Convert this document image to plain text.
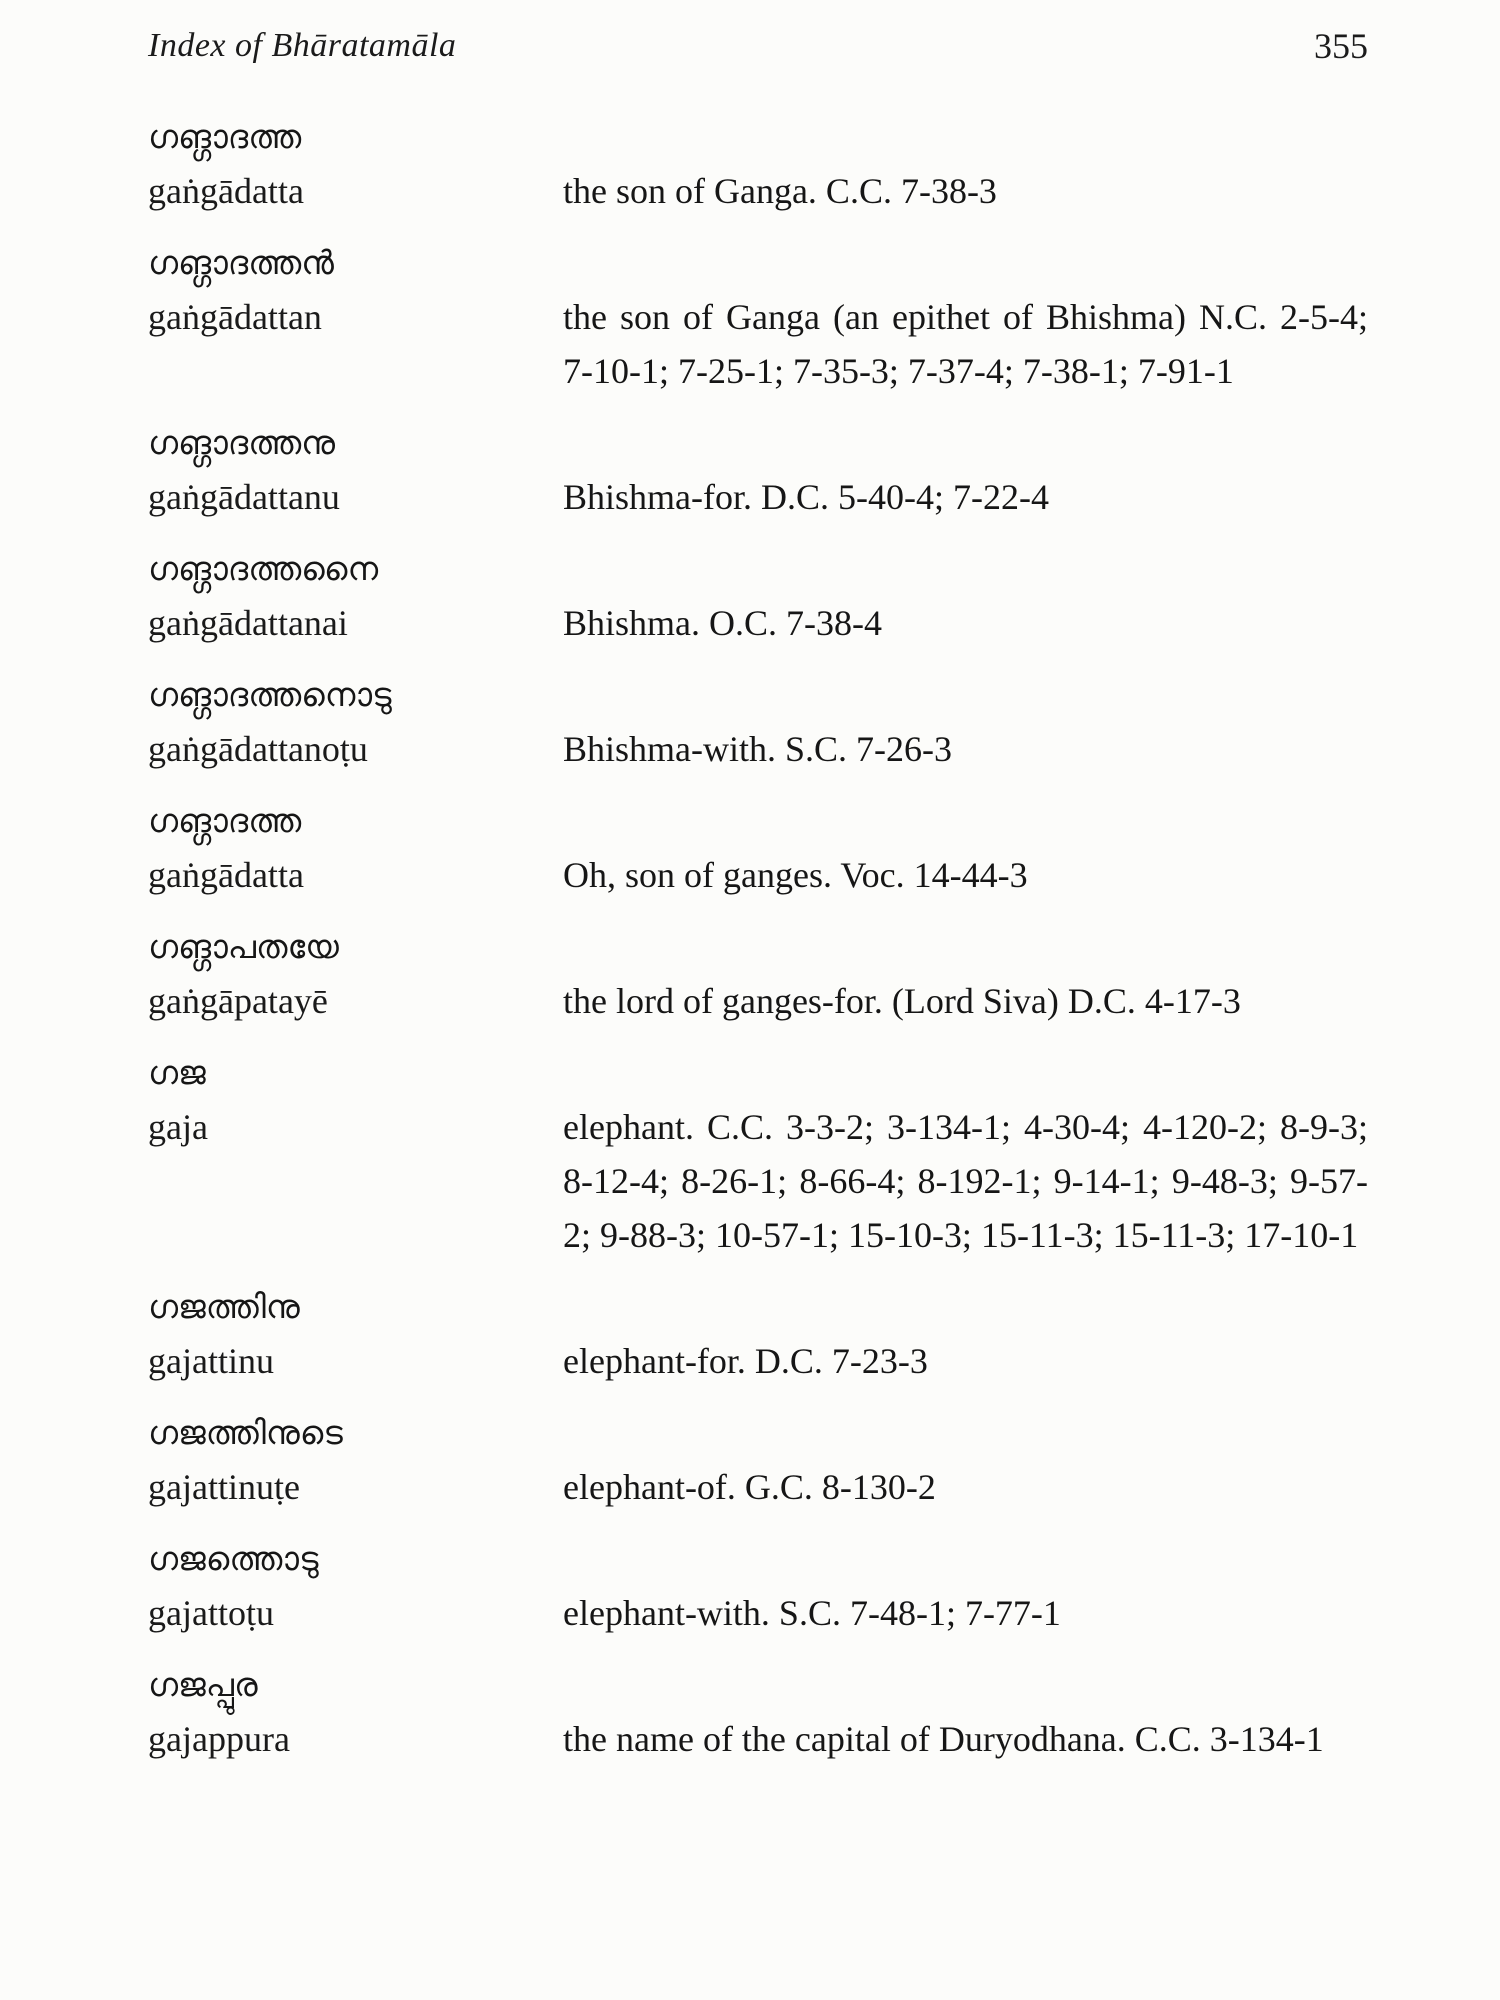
Index of Bhāratamāla	355
ഗങ്ഗാദത്ത
gaṅgādatta	the son of Ganga. C.C. 7-38-3
ഗങ്ഗാദത്തൻ
gaṅgādattan	the son of Ganga (an epithet of Bhishma) N.C. 2-5-4; 7-10-1; 7-25-1; 7-35-3; 7-37-4; 7-38-1; 7-91-1
ഗങ്ഗാദത്തനു
gaṅgādattanu	Bhishma-for. D.C. 5-40-4; 7-22-4
ഗങ്ഗാദത്തനൈ
gaṅgādattanai	Bhishma. O.C. 7-38-4
ഗങ്ഗാദത്തനൊടു
gaṅgādattanoṭu	Bhishma-with. S.C. 7-26-3
ഗങ്ഗാദത്ത
gaṅgādatta	Oh, son of ganges. Voc. 14-44-3
ഗങ്ഗാപതയേ
gaṅgāpatayē	the lord of ganges-for. (Lord Siva) D.C. 4-17-3
ഗജ
gaja	elephant. C.C. 3-3-2; 3-134-1; 4-30-4; 4-120-2; 8-9-3; 8-12-4; 8-26-1; 8-66-4; 8-192-1; 9-14-1; 9-48-3; 9-57-2; 9-88-3; 10-57-1; 15-10-3; 15-11-3; 15-11-3; 17-10-1
ഗജത്തിനു
gajattinu	elephant-for. D.C. 7-23-3
ഗജത്തിനുടെ
gajattinuṭe	elephant-of. G.C. 8-130-2
ഗജത്തൊടു
gajattoṭu	elephant-with. S.C. 7-48-1; 7-77-1
ഗജപ്പുര
gajappura	the name of the capital of Duryodhana. C.C. 3-134-1
